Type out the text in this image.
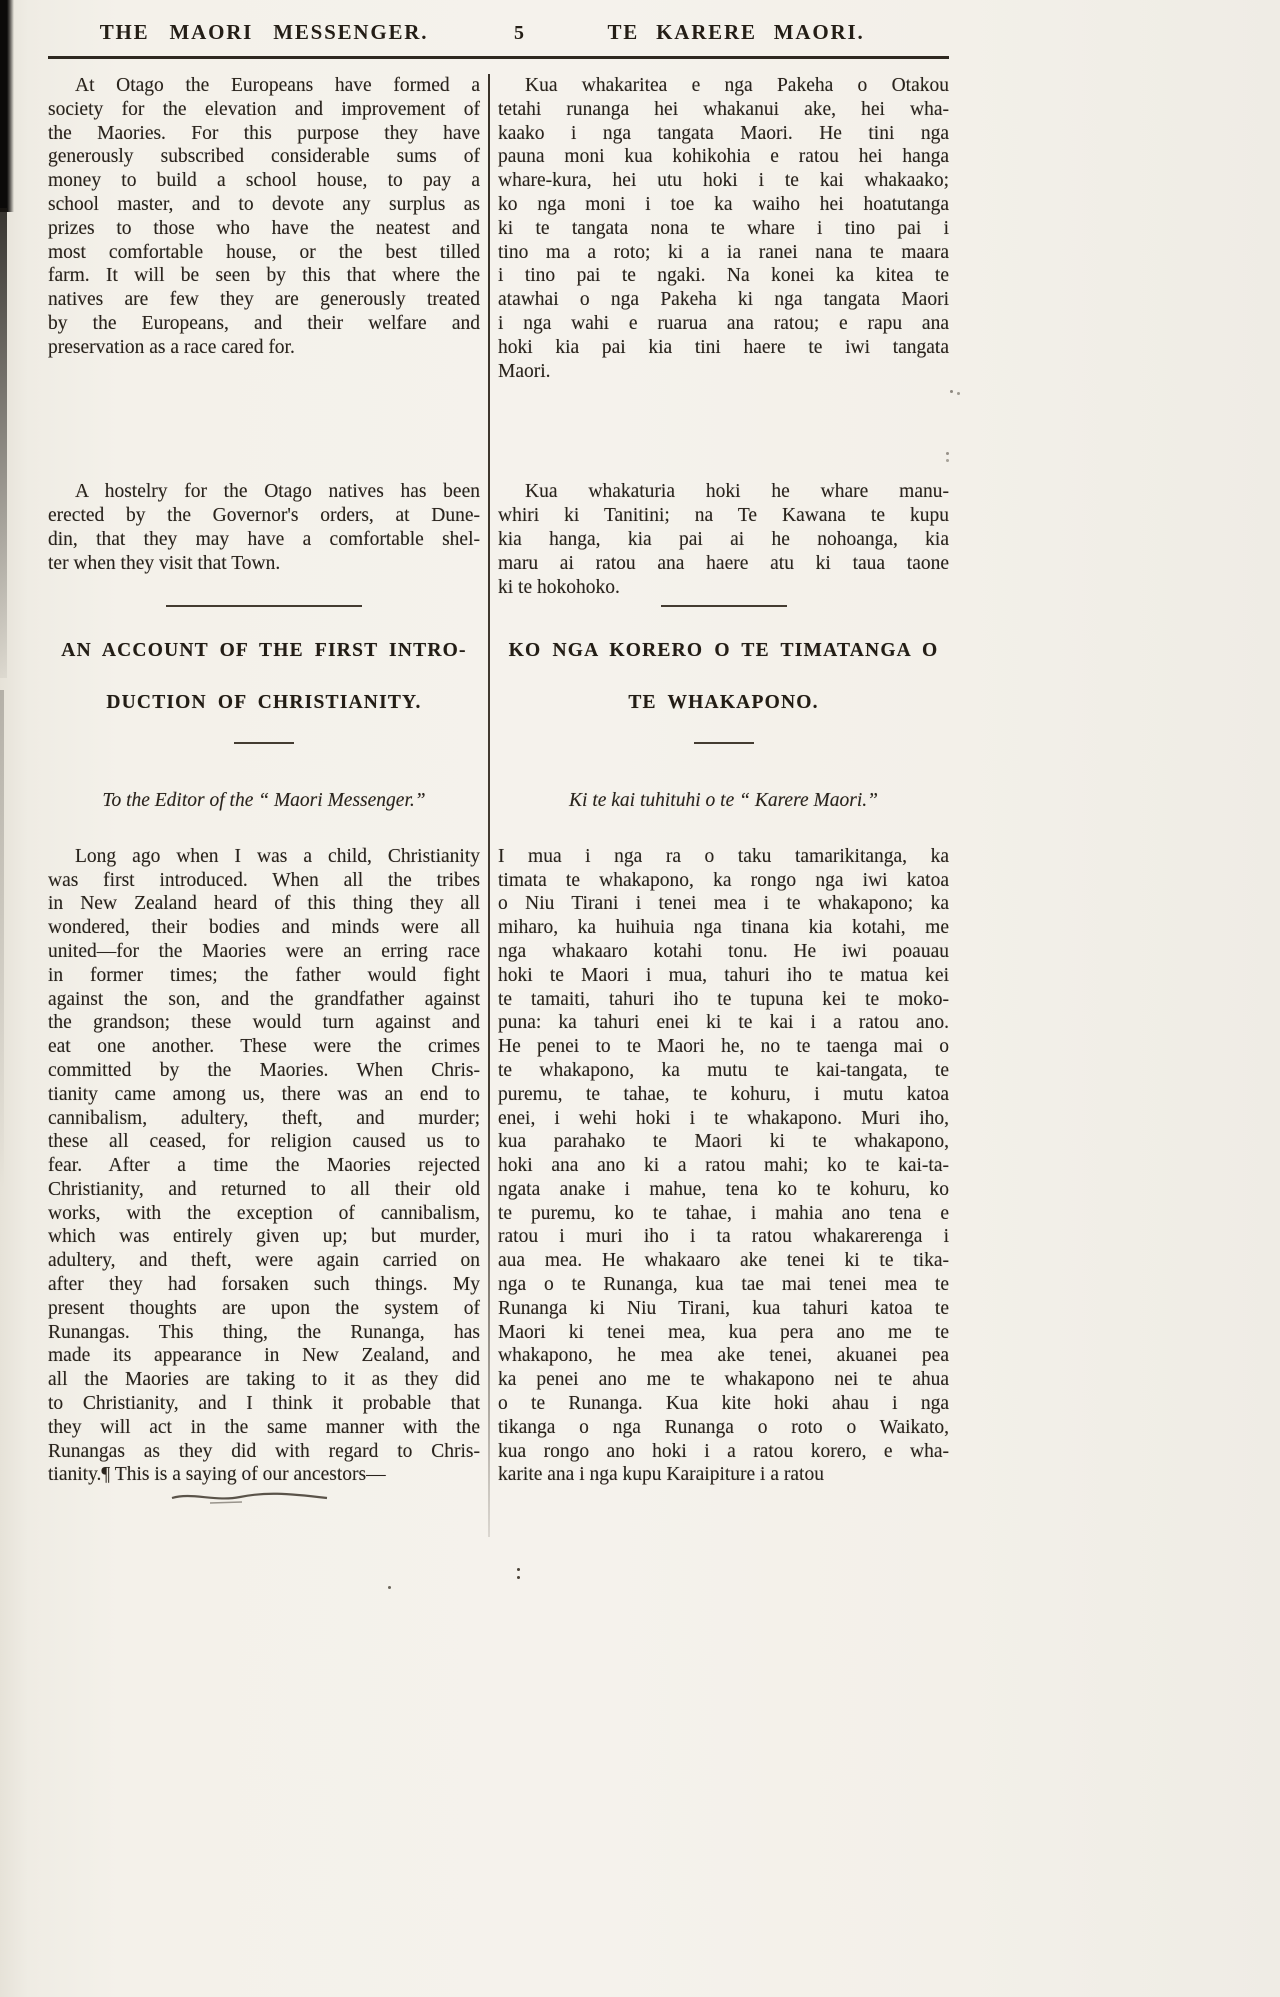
THE MAORI MESSENGER.	5	TE KARERE MAORI.
At Otago the Europeans have formed a
society for the elevation and improvement of
the Maories. For this purpose they have
generously subscribed considerable sums of
money to build a school house, to pay a
school master, and to devote any surplus as
prizes to those who have the neatest and
most comfortable house, or the best tilled
farm. It will be seen by this that where the
natives are few they are generously treated
by the Europeans, and their welfare and
preservation as a race cared for.
Kua whakaritea e nga Pakeha o Otakou
tetahi runanga hei whakanui ake, hei wha-
kaako i nga tangata Maori. He tini nga
pauna moni kua kohikohia e ratou hei hanga
whare-kura, hei utu hoki i te kai whakaako;
ko nga moni i toe ka waiho hei hoatutanga
ki te tangata nona te whare i tino pai i
tino ma a roto; ki a ia ranei nana te maara
i tino pai te ngaki. Na konei ka kitea te
atawhai o nga Pakeha ki nga tangata Maori
i nga wahi e ruarua ana ratou; e rapu ana
hoki kia pai kia tini haere te iwi tangata
Maori.
A hostelry for the Otago natives has been
erected by the Governor's orders, at Dune-
din, that they may have a comfortable shel-
ter when they visit that Town.
Kua whakaturia hoki he whare manu-
whiri ki Tanitini; na Te Kawana te kupu
kia hanga, kia pai ai he nohoanga, kia
maru ai ratou ana haere atu ki taua taone
ki te hokohoko.
AN ACCOUNT OF THE FIRST INTRO-
DUCTION OF CHRISTIANITY.
KO NGA KORERO O TE TIMATANGA O
TE WHAKAPONO.
To the Editor of the “ Maori Messenger.”	Ki te kai tuhituhi o te “ Karere Maori.”
Long ago when I was a child, Christianity
was first introduced. When all the tribes
in New Zealand heard of this thing they all
wondered, their bodies and minds were all
united—for the Maories were an erring race
in former times; the father would fight
against the son, and the grandfather against
the grandson; these would turn against and
eat one another. These were the crimes
committed by the Maories. When Chris-
tianity came among us, there was an end to
cannibalism, adultery, theft, and murder;
these all ceased, for religion caused us to
fear. After a time the Maories rejected
Christianity, and returned to all their old
works, with the exception of cannibalism,
which was entirely given up; but murder,
adultery, and theft, were again carried on
after they had forsaken such things. My
present thoughts are upon the system of
Runangas. This thing, the Runanga, has
made its appearance in New Zealand, and
all the Maories are taking to it as they did
to Christianity, and I think it probable that
they will act in the same manner with the
Runangas as they did with regard to Chris-
tianity.¶ This is a saying of our ancestors—
I mua i nga ra o taku tamarikitanga, ka
timata te whakapono, ka rongo nga iwi katoa
o Niu Tirani i tenei mea i te whakapono; ka
miharo, ka huihuia nga tinana kia kotahi, me
nga whakaaro kotahi tonu. He iwi poauau
hoki te Maori i mua, tahuri iho te matua kei
te tamaiti, tahuri iho te tupuna kei te moko-
puna: ka tahuri enei ki te kai i a ratou ano.
He penei to te Maori he, no te taenga mai o
te whakapono, ka mutu te kai-tangata, te
puremu, te tahae, te kohuru, i mutu katoa
enei, i wehi hoki i te whakapono. Muri iho,
kua parahako te Maori ki te whakapono,
hoki ana ano ki a ratou mahi; ko te kai-ta-
ngata anake i mahue, tena ko te kohuru, ko
te puremu, ko te tahae, i mahia ano tena e
ratou i muri iho i ta ratou whakarerenga i
aua mea. He whakaaro ake tenei ki te tika-
nga o te Runanga, kua tae mai tenei mea te
Runanga ki Niu Tirani, kua tahuri katoa te
Maori ki tenei mea, kua pera ano me te
whakapono, he mea ake tenei, akuanei pea
ka penei ano me te whakapono nei te ahua
o te Runanga. Kua kite hoki ahau i nga
tikanga o nga Runanga o roto o Waikato,
kua rongo ano hoki i a ratou korero, e wha-
karite ana i nga kupu Karaipiture i a ratou
